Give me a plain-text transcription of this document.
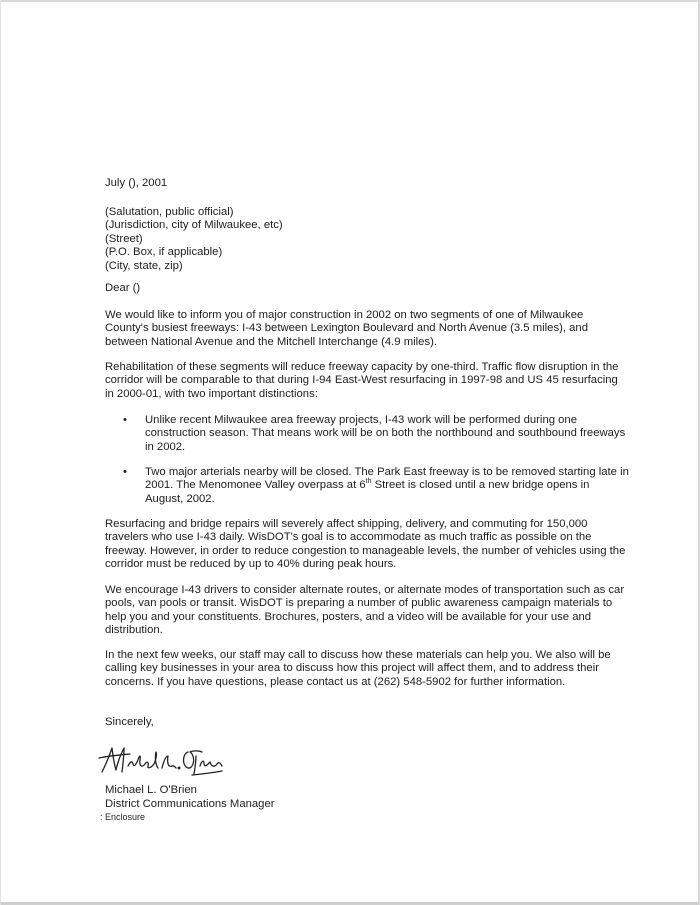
July (), 2001

(Salutation, public official)
(Jurisdiction, city of Milwaukee, etc)
(Street)
(P.O. Box, if applicable)
(City, state, zip)

Dear ()

We would like to inform you of major construction in 2002 on two segments of one of Milwaukee County's busiest freeways: I-43 between Lexington Boulevard and North Avenue (3.5 miles), and between National Avenue and the Mitchell Interchange (4.9 miles).

Rehabilitation of these segments will reduce freeway capacity by one-third. Traffic flow disruption in the corridor will be comparable to that during I-94 East-West resurfacing in 1997-98 and US 45 resurfacing in 2000-01, with two important distinctions:

• Unlike recent Milwaukee area freeway projects, I-43 work will be performed during one construction season. That means work will be on both the northbound and southbound freeways in 2002.
• Two major arterials nearby will be closed. The Park East freeway is to be removed starting late in 2001. The Menomonee Valley overpass at 6th Street is closed until a new bridge opens in August, 2002.

Resurfacing and bridge repairs will severely affect shipping, delivery, and commuting for 150,000 travelers who use I-43 daily. WisDOT's goal is to accommodate as much traffic as possible on the freeway. However, in order to reduce congestion to manageable levels, the number of vehicles using the corridor must be reduced by up to 40% during peak hours.

We encourage I-43 drivers to consider alternate routes, or alternate modes of transportation such as car pools, van pools or transit. WisDOT is preparing a number of public awareness campaign materials to help you and your constituents. Brochures, posters, and a video will be available for your use and distribution.

In the next few weeks, our staff may call to discuss how these materials can help you. We also will be calling key businesses in your area to discuss how this project will affect them, and to address their concerns. If you have questions, please contact us at (262) 548-5902 for further information.

Sincerely,

Michael L. O'Brien

District Communications Manager

: Enclosure
